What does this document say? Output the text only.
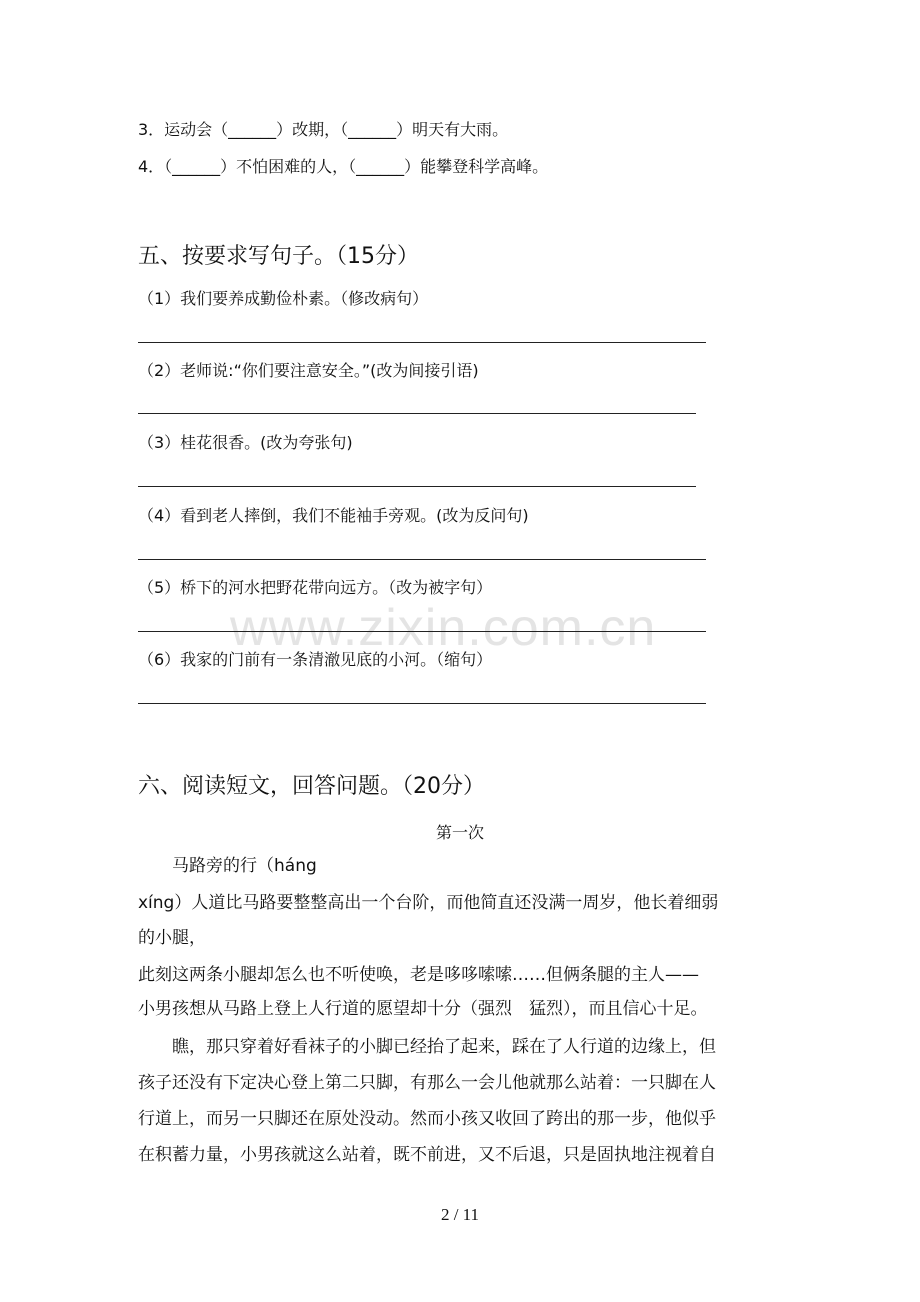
www.zixin.com.cn
3．运动会（______）改期，（______）明天有大雨。
4．（______）不怕困难的人，（______）能攀登科学高峰。
五、按要求写句子。（15分）
（1）我们要养成勤俭朴素。（修改病句）
（2）老师说:“你们要注意安全。”(改为间接引语)
（3）桂花很香。(改为夸张句)
（4）看到老人摔倒，我们不能袖手旁观。(改为反问句)
（5）桥下的河水把野花带向远方。（改为被字句）
（6）我家的门前有一条清澈见底的小河。（缩句）
六、阅读短文，回答问题。（20分）
第一次
马路旁的行（háng
xíng）人道比马路要整整高出一个台阶，而他简直还没满一周岁，他长着细弱
的小腿，
此刻这两条小腿却怎么也不听使唤，老是哆哆嗦嗦……但俩条腿的主人——
小男孩想从马路上登上人行道的愿望却十分（强烈　猛烈），而且信心十足。
瞧，那只穿着好看袜子的小脚已经抬了起来，踩在了人行道的边缘上，但
孩子还没有下定决心登上第二只脚，有那么一会儿他就那么站着：一只脚在人
行道上，而另一只脚还在原处没动。然而小孩又收回了跨出的那一步，他似乎
在积蓄力量，小男孩就这么站着，既不前进，又不后退，只是固执地注视着自
2 / 11
